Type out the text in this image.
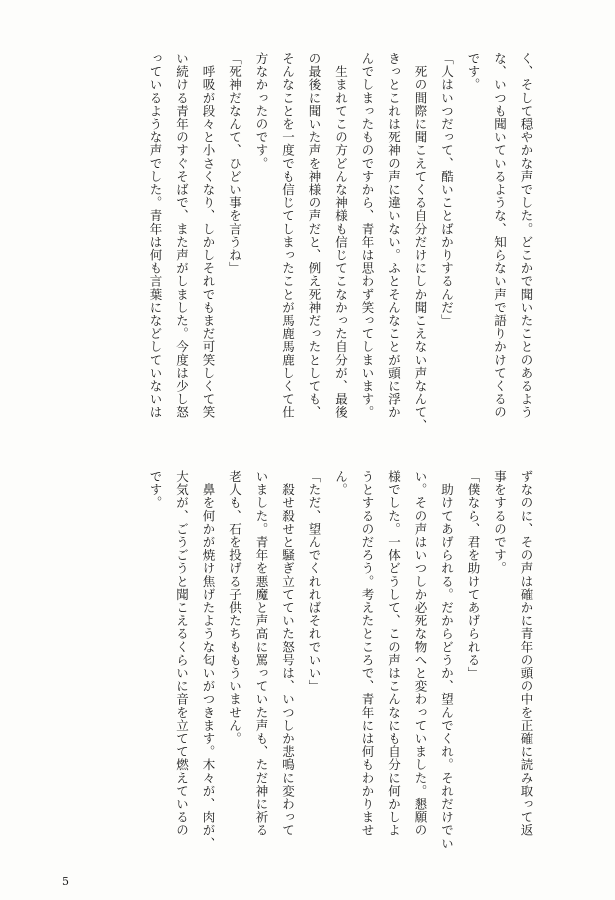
く、そして穏やかな声でした。どこかで聞いたことのあるよう
な、いつも聞いているような、知らない声で語りかけてくるの
です。
「人はいつだって、酷いことばかりするんだ」
　死の間際に聞こえてくる自分だけにしか聞こえない声なんて、
きっとこれは死神の声に違いない。ふとそんなことが頭に浮か
んでしまったものですから、青年は思わず笑ってしまいます。
　生まれてこの方どんな神様も信じてこなかった自分が、最後
の最後に聞いた声を神様の声だと、例え死神だったとしても、
そんなことを一度でも信じてしまったことが馬鹿馬鹿しくて仕
方なかったのです。
「死神だなんて、ひどい事を言うね」
　呼吸が段々と小さくなり、しかしそれでもまだ可笑しくて笑
い続ける青年のすぐそばで、また声がしました。今度は少し怒
っているような声でした。青年は何も言葉になどしていないは
ずなのに、その声は確かに青年の頭の中を正確に読み取って返
事をするのです。
「僕なら、君を助けてあげられる」
　助けてあげられる。だからどうか、望んでくれ。それだけでい
い。その声はいつしか必死な物へと変わっていました。懇願の
様でした。一体どうして、この声はこんなにも自分に何かしよ
うとするのだろう。考えたところで、青年には何もわかりませ
ん。
「ただ、望んでくれればそれでいい」
　殺せ殺せと騒ぎ立てていた怒号は、いつしか悲鳴に変わって
いました。青年を悪魔と声高に罵っていた声も、ただ神に祈る
老人も、石を投げる子供たちももういません。
　鼻を何かが焼け焦げたような匂いがつきます。木々が、肉が、
大気が、ごうごうと聞こえるくらいに音を立てて燃えているの
です。
5
